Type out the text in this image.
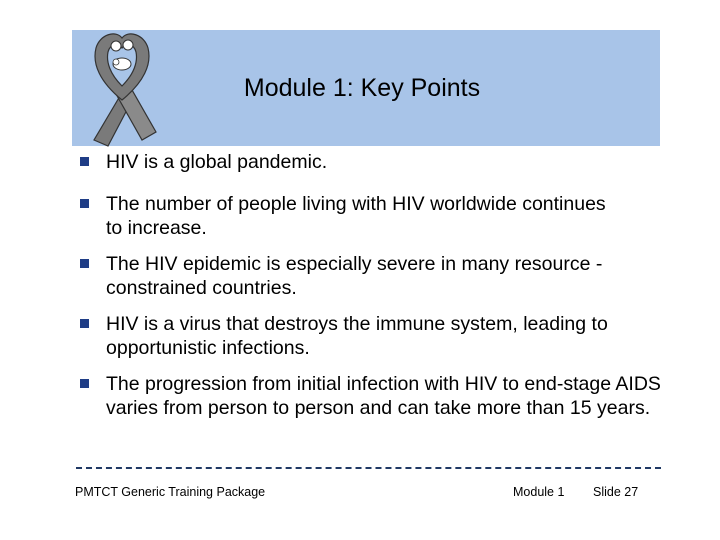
Module 1: Key Points
HIV is a global pandemic.
The number of people living with HIV worldwide continues to increase.
The HIV epidemic is especially severe in many resource -constrained countries.
HIV is a virus that destroys the immune system, leading to opportunistic infections.
The progression from initial infection with HIV to end-stage AIDS varies from person to person and can take more than 15 years.
PMTCT Generic Training Package	Module 1 Slide 27
